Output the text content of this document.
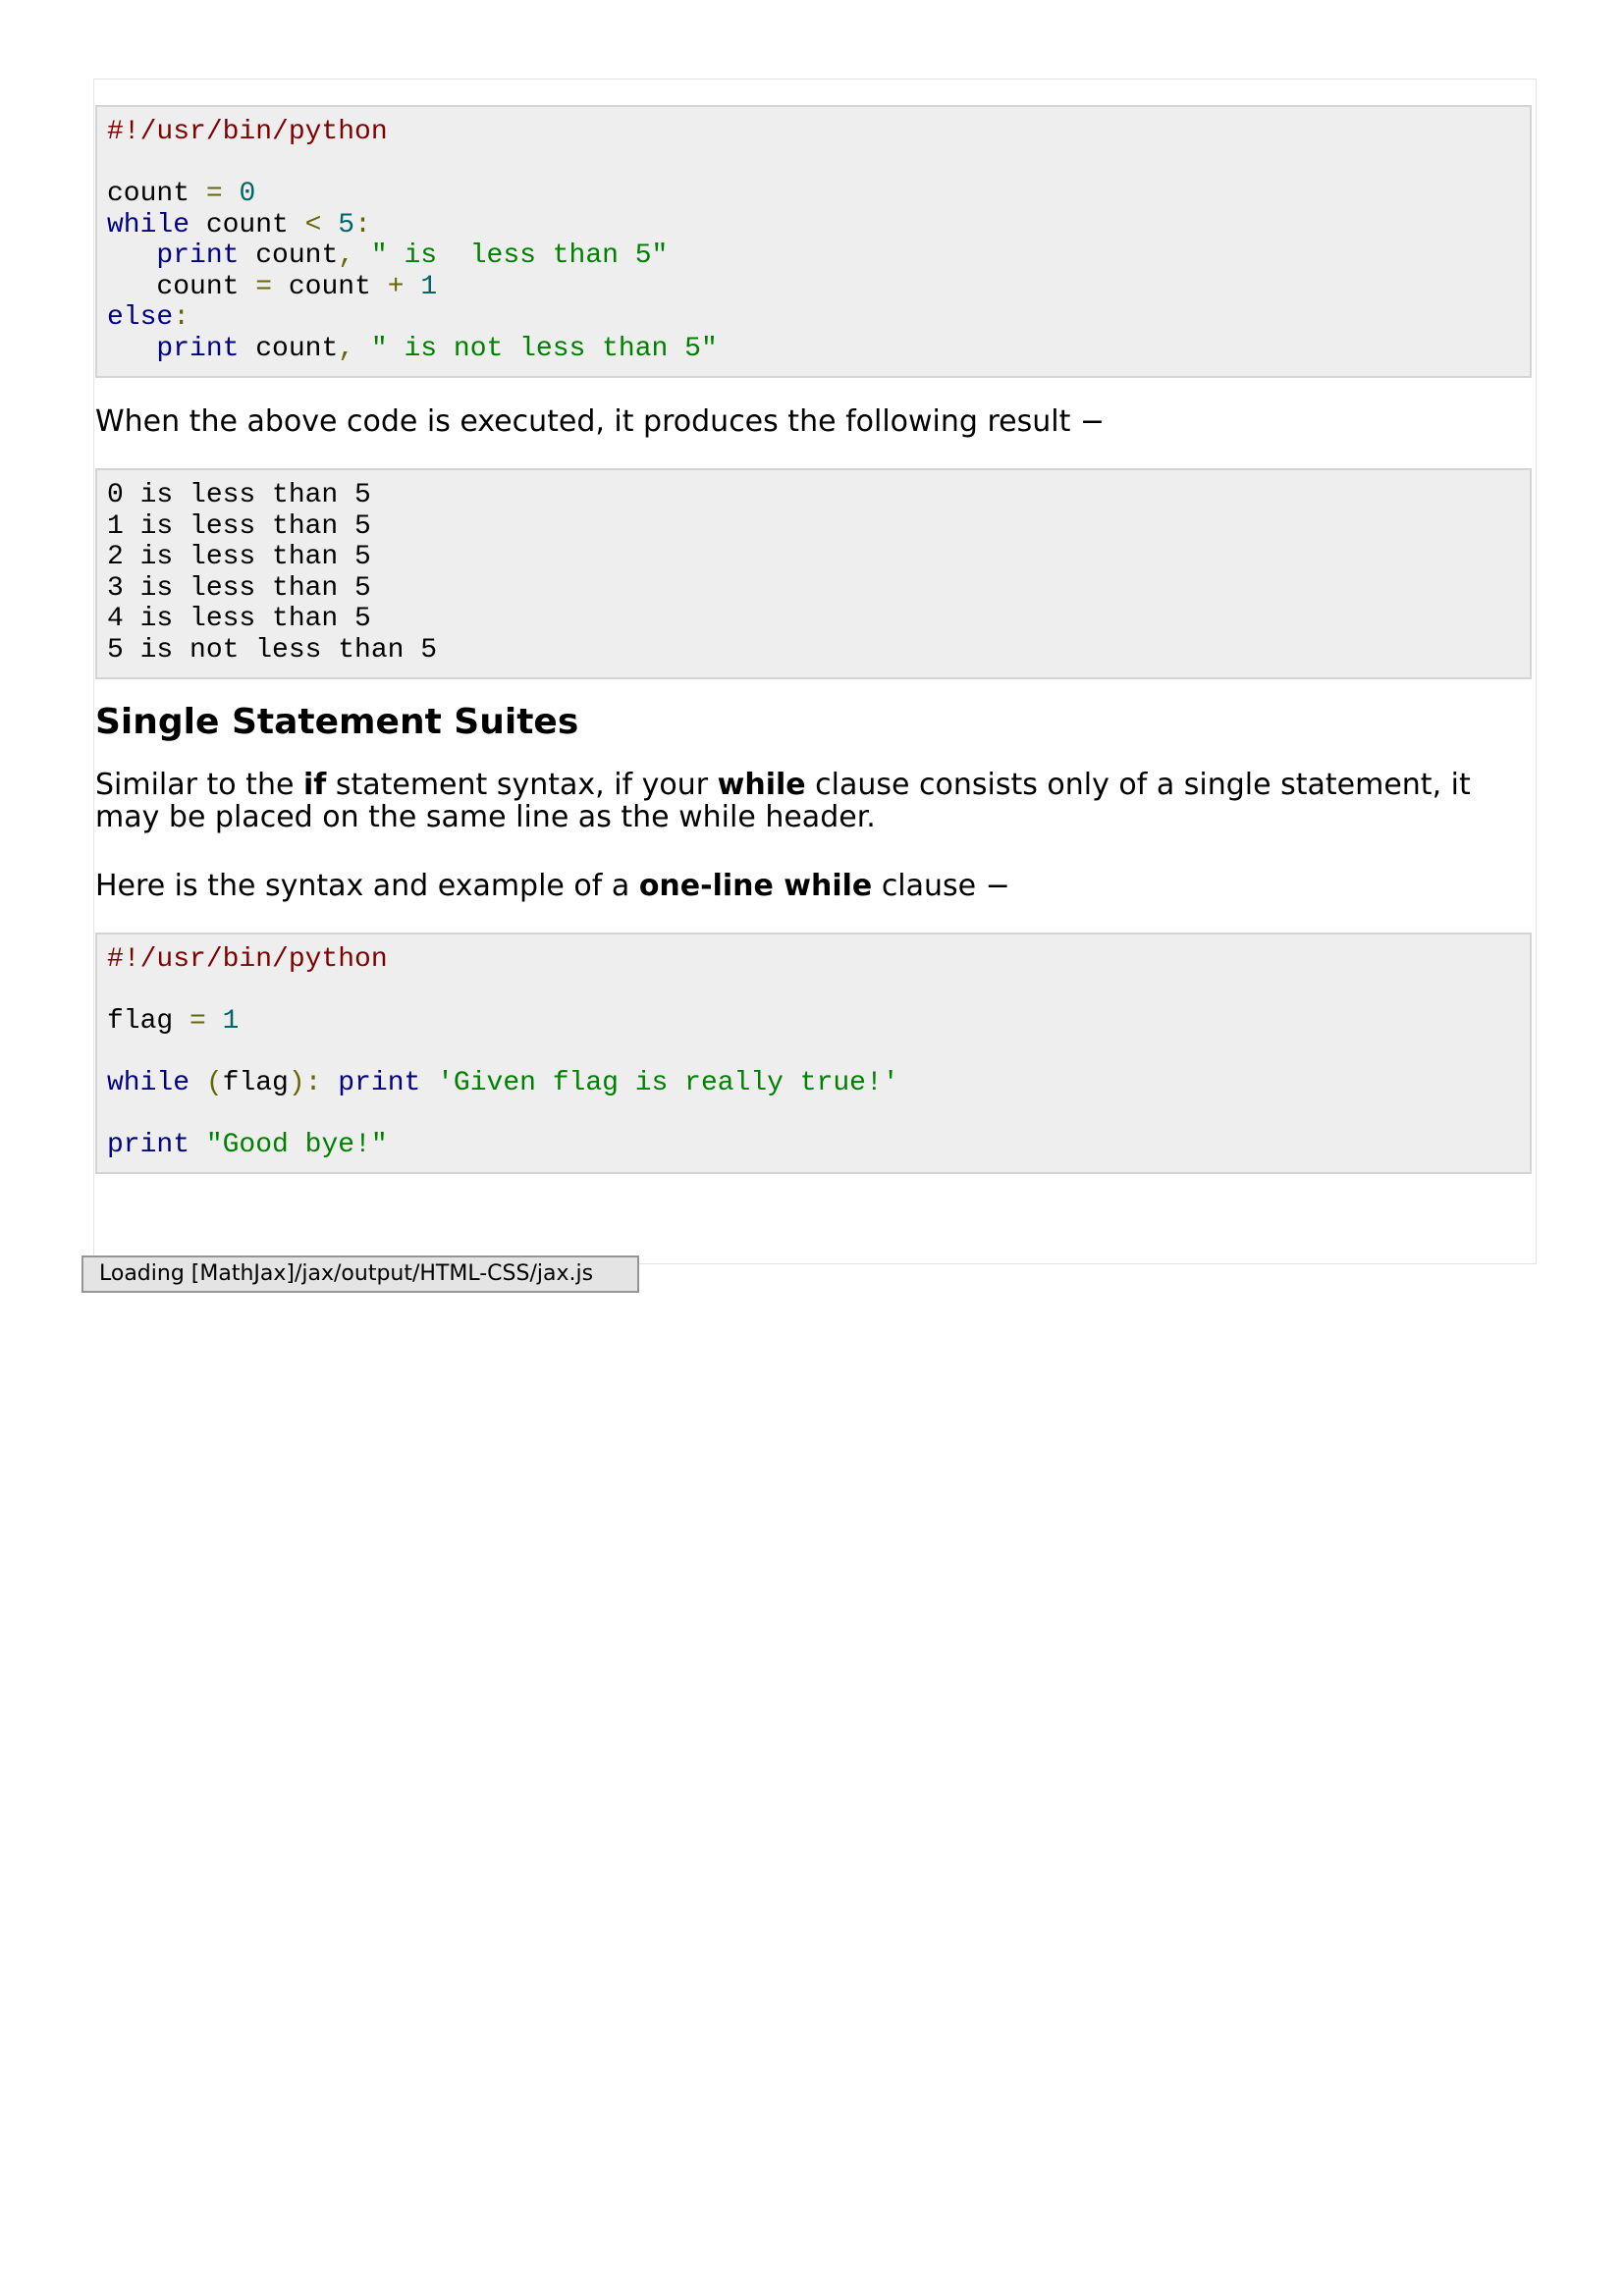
#!/usr/bin/python
count = 0
while count < 5:
print count, " is  less than 5"
count = count + 1
else:
print count, " is not less than 5"

When the above code is executed, it produces the following result −

0 is less than 5
1 is less than 5
2 is less than 5
3 is less than 5
4 is less than 5
5 is not less than 5
Single Statement Suites

Similar to the if statement syntax, if your while clause consists only of a single statement, it may be placed on the same line as the while header.

Here is the syntax and example of a one-line while clause −

#!/usr/bin/python
flag = 1
while (flag): print 'Given flag is really true!'
print "Good bye!"

Loading [MathJax]/jax/output/HTML-CSS/jax.js
